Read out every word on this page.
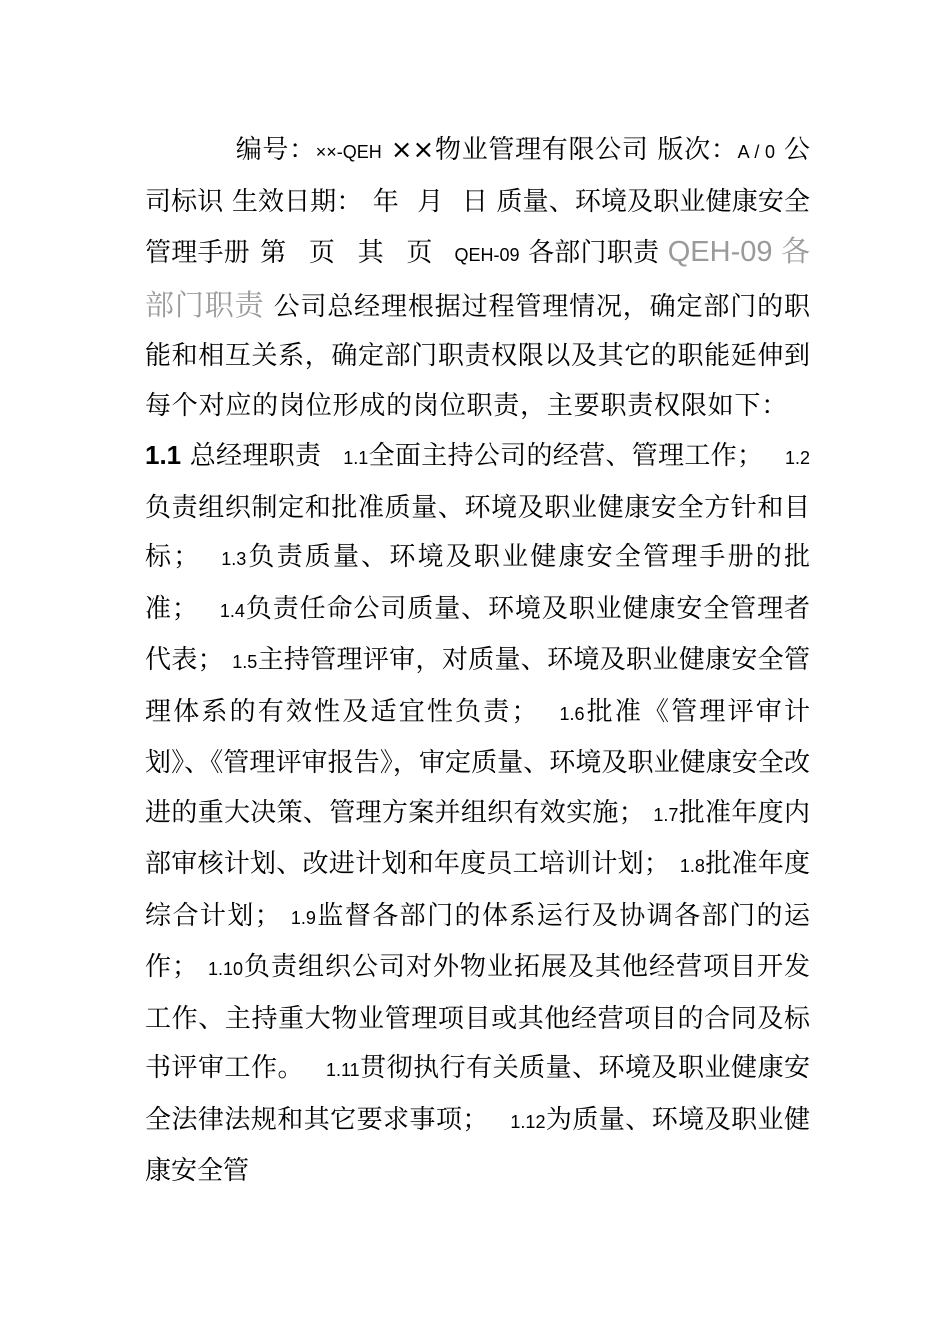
编号：××-QEH ××物业管理有限公司 版次：A / 0 公司标识 生效日期： 年 月 日 质量、环境及职业健康安全管理手册 第 页 其 页 QEH-09 各部门职责 QEH-09 各部门职责 公司总经理根据过程管理情况，确定部门的职能和相互关系，确定部门职责权限以及其它的职能延伸到每个对应的岗位形成的岗位职责，主要职责权限如下：1.1 总经理职责 1.1全面主持公司的经营、管理工作； 1.2负责组织制定和批准质量、环境及职业健康安全方针和目标； 1.3负责质量、环境及职业健康安全管理手册的批准； 1.4负责任命公司质量、环境及职业健康安全管理者代表； 1.5主持管理评审，对质量、环境及职业健康安全管理体系的有效性及适宜性负责； 1.6批准《管理评审计划》、《管理评审报告》，审定质量、环境及职业健康安全改进的重大决策、管理方案并组织有效实施； 1.7批准年度内部审核计划、改进计划和年度员工培训计划； 1.8批准年度综合计划； 1.9监督各部门的体系运行及协调各部门的运作； 1.10负责组织公司对外物业拓展及其他经营项目开发工作、主持重大物业管理项目或其他经营项目的合同及标书评审工作。 1.11贯彻执行有关质量、环境及职业健康安全法律法规和其它要求事项； 1.12为质量、环境及职业健康安全管
